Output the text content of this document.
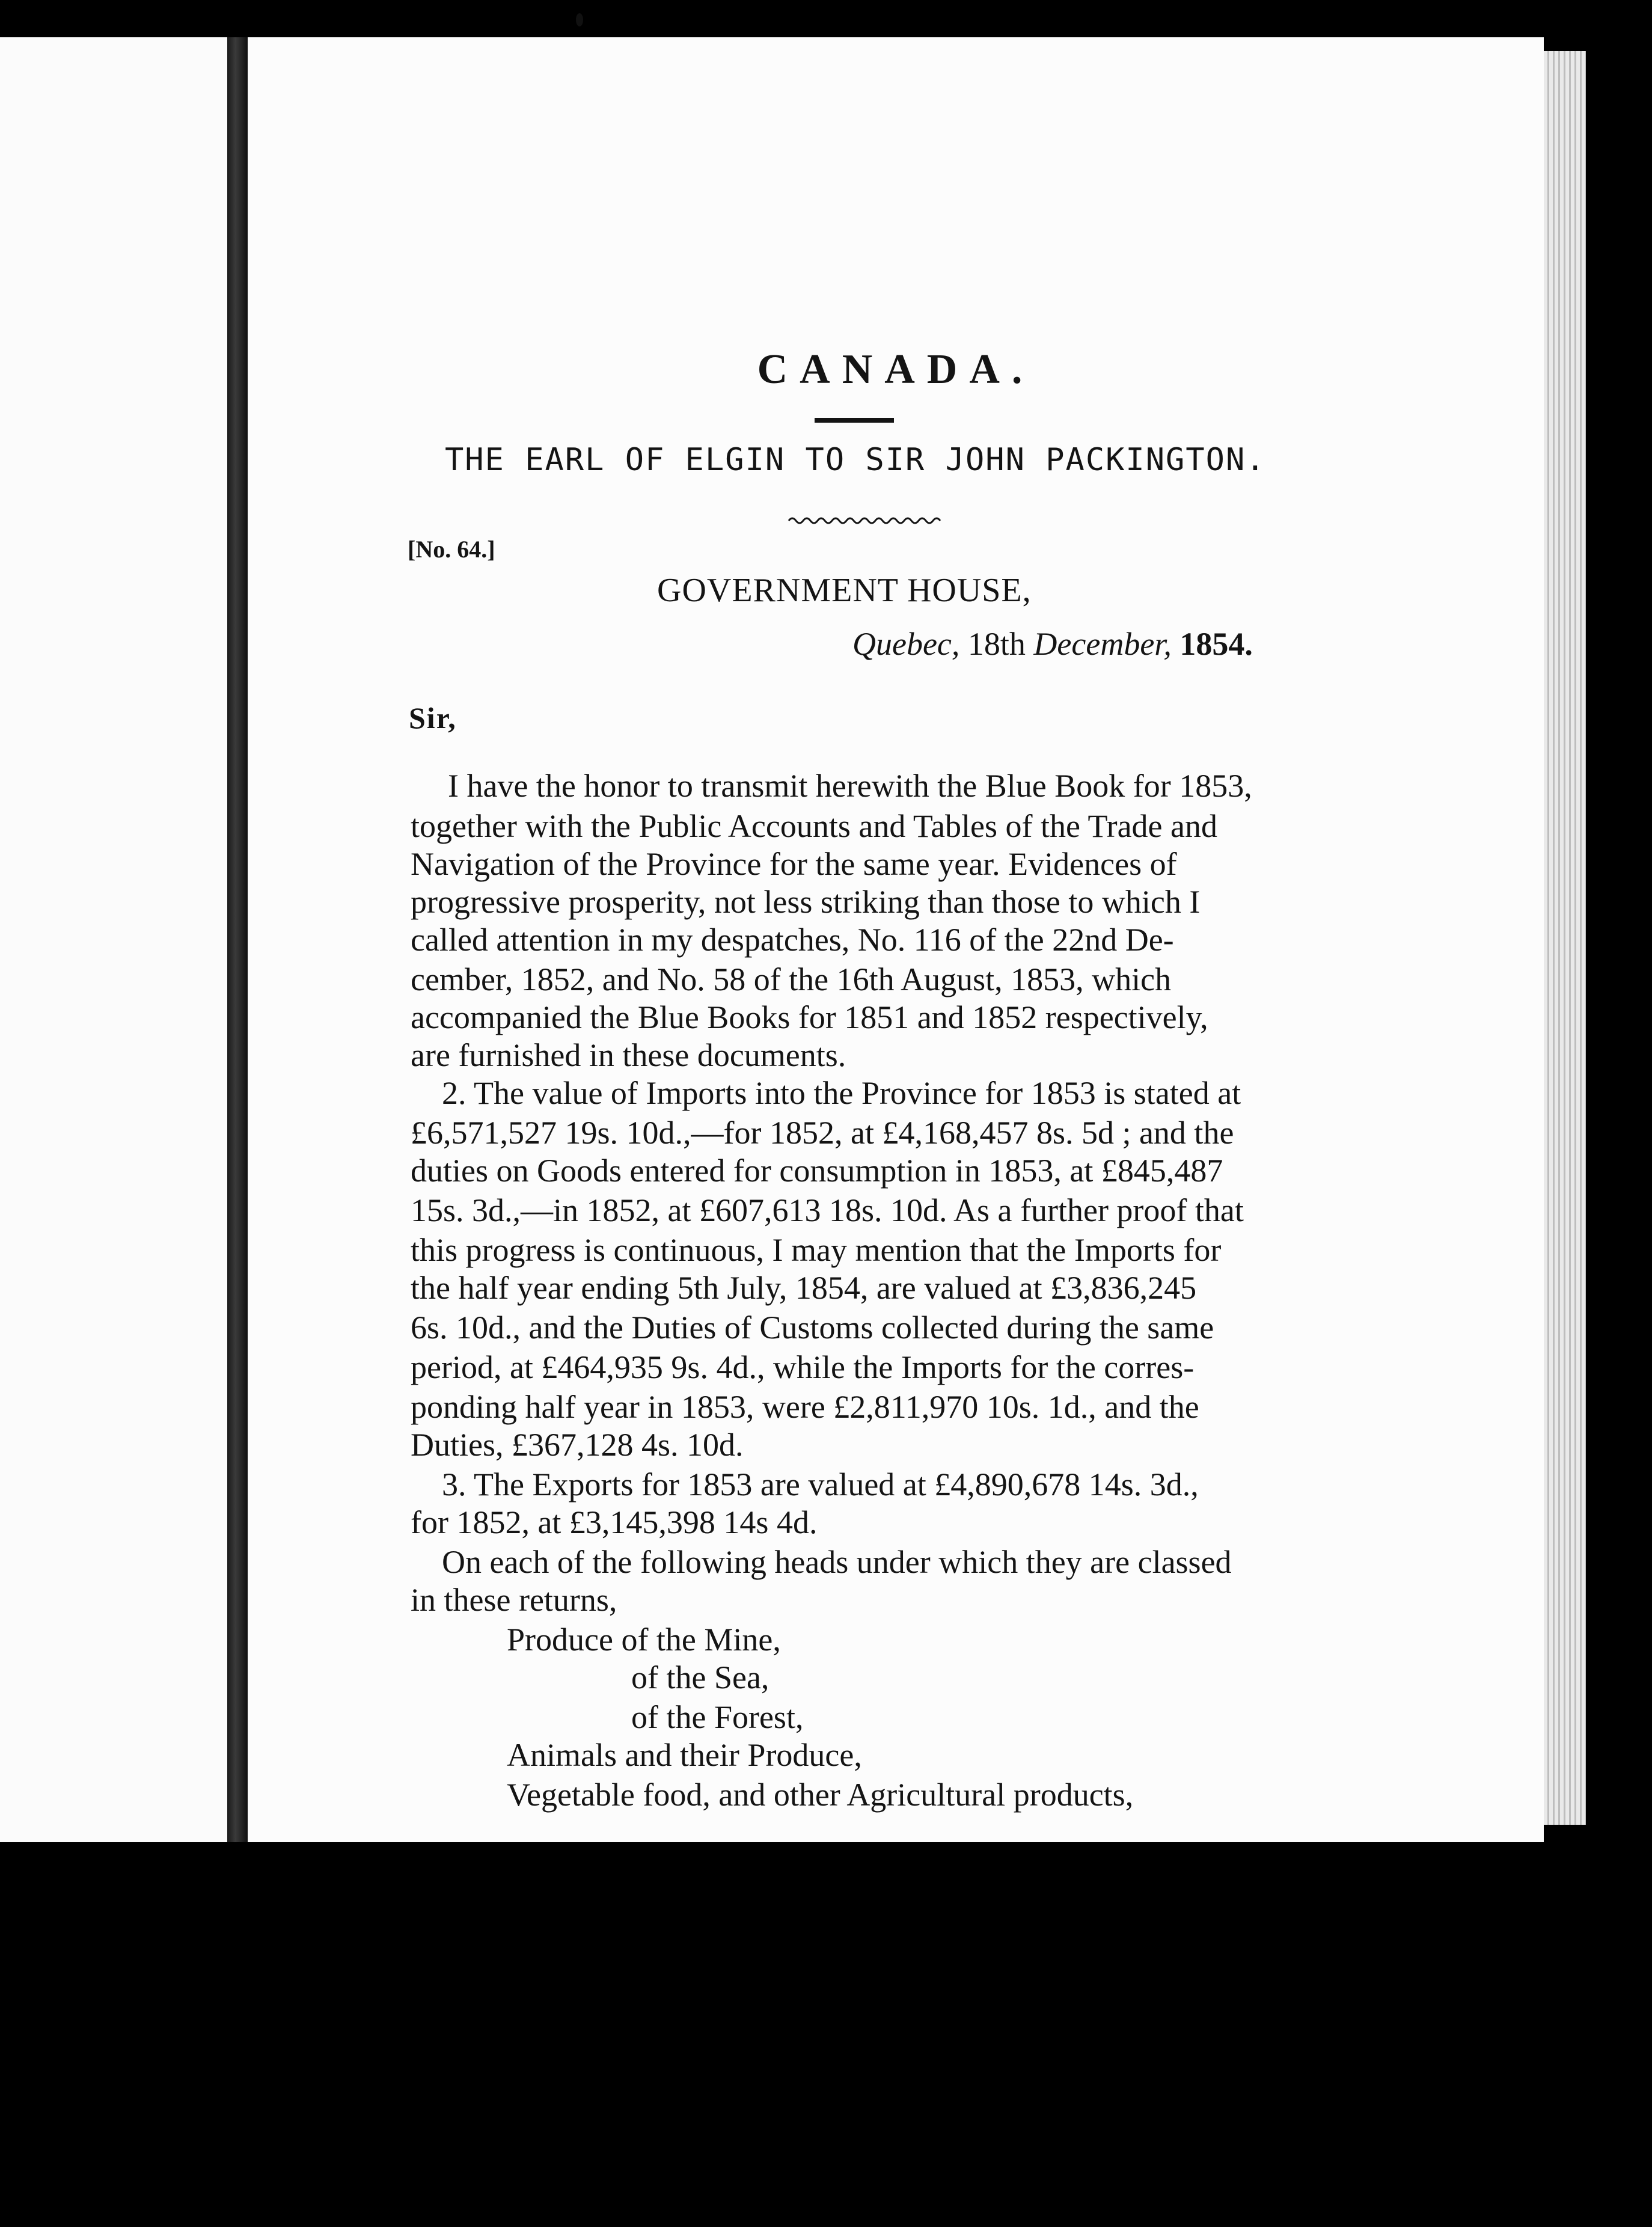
CANADA.
THE EARL OF ELGIN TO SIR JOHN PACKINGTON.
[No. 64.]
GOVERNMENT HOUSE,
Quebec, 18th December, 1854.
Sir,
I have the honor to transmit herewith the Blue Book for 1853,
together with the Public Accounts and Tables of the Trade and
Navigation of the Province for the same year. Evidences of
progressive prosperity, not less striking than those to which I
called attention in my despatches, No. 116 of the 22nd De-
cember, 1852, and No. 58 of the 16th August, 1853, which
accompanied the Blue Books for 1851 and 1852 respectively,
are furnished in these documents.
2. The value of Imports into the Province for 1853 is stated at
£6,571,527 19s. 10d.,—for 1852, at £4,168,457 8s. 5d ; and the
duties on Goods entered for consumption in 1853, at £845,487
15s. 3d.,—in 1852, at £607,613 18s. 10d. As a further proof that
this progress is continuous, I may mention that the Imports for
the half year ending 5th July, 1854, are valued at £3,836,245
6s. 10d., and the Duties of Customs collected during the same
period, at £464,935 9s. 4d., while the Imports for the corres-
ponding half year in 1853, were £2,811,970 10s. 1d., and the
Duties, £367,128 4s. 10d.
3. The Exports for 1853 are valued at £4,890,678 14s. 3d.,
for 1852, at £3,145,398 14s 4d.
On each of the following heads under which they are classed
in these returns,
Produce of the Mine,
of the Sea,
of the Forest,
Animals and their Produce,
Vegetable food, and other Agricultural products,
